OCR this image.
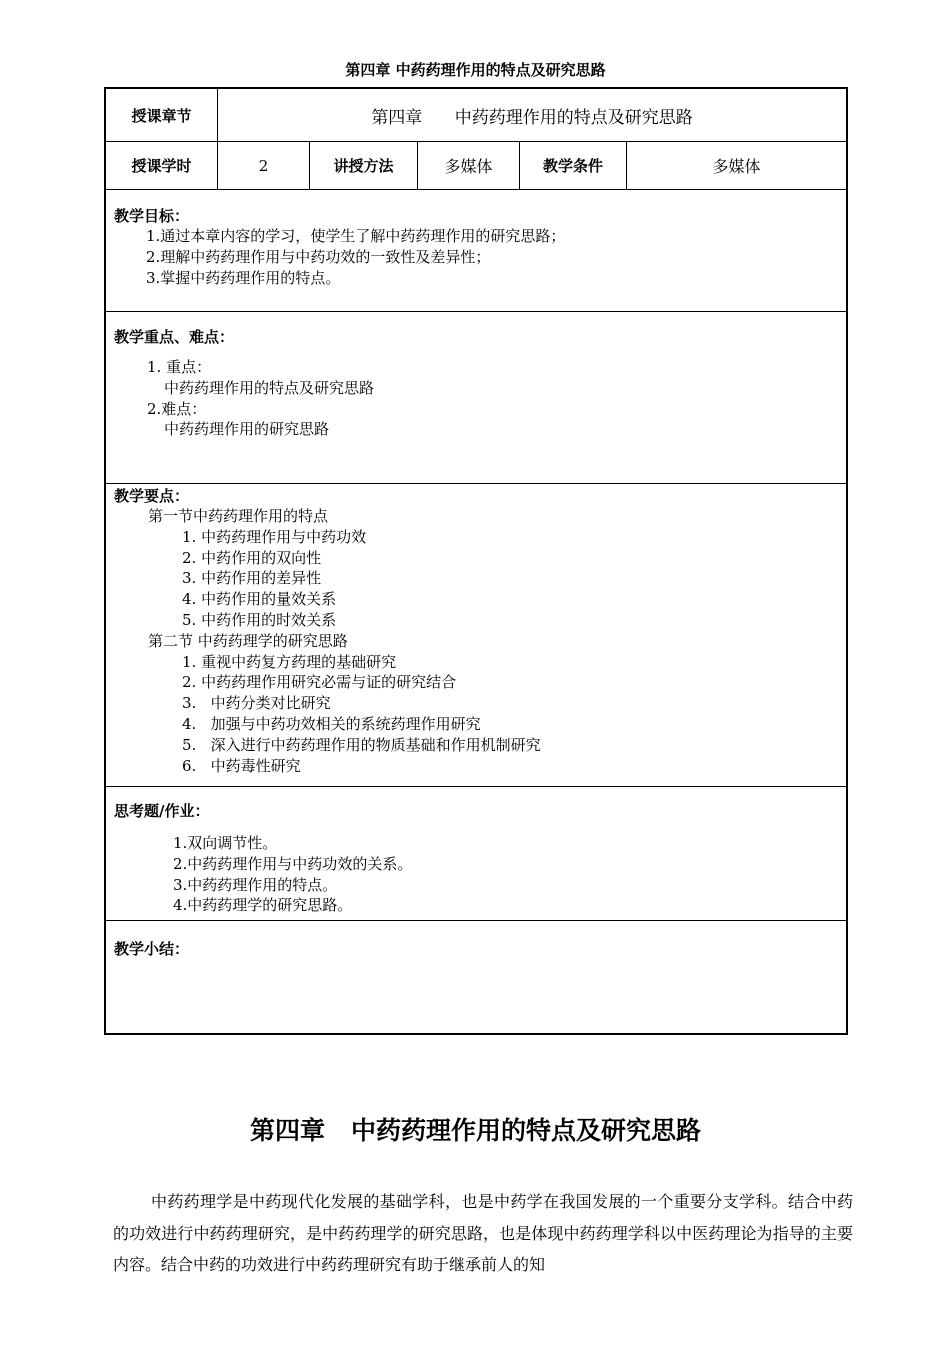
第四章 中药药理作用的特点及研究思路
授课章节	第四章      中药药理作用的特点及研究思路
授课学时	2	讲授方法	多媒体	教学条件	多媒体
教学目标：
1.通过本章内容的学习，使学生了解中药药理作用的研究思路；
2.理解中药药理作用与中药功效的一致性及差异性；
3.掌握中药药理作用的特点。
教学重点、难点：
1. 重点：
中药药理作用的特点及研究思路
2.难点：
中药药理作用的研究思路
教学要点：
第一节中药药理作用的特点
1. 中药药理作用与中药功效
2. 中药作用的双向性
3. 中药作用的差异性
4. 中药作用的量效关系
5. 中药作用的时效关系
第二节 中药药理学的研究思路
1. 重视中药复方药理的基础研究
2. 中药药理作用研究必需与证的研究结合
3.   中药分类对比研究
4.   加强与中药功效相关的系统药理作用研究
5.   深入进行中药药理作用的物质基础和作用机制研究
6.   中药毒性研究
思考题/作业：
1.双向调节性。
2.中药药理作用与中药功效的关系。
3.中药药理作用的特点。
4.中药药理学的研究思路。
教学小结：
第四章   中药药理作用的特点及研究思路
中药药理学是中药现代化发展的基础学科，也是中药学在我国发展的一个重要分支学科。结合中药的功效进行中药药理研究，是中药药理学的研究思路，也是体现中药药理学科以中医药理论为指导的主要内容。结合中药的功效进行中药药理研究有助于继承前人的知
